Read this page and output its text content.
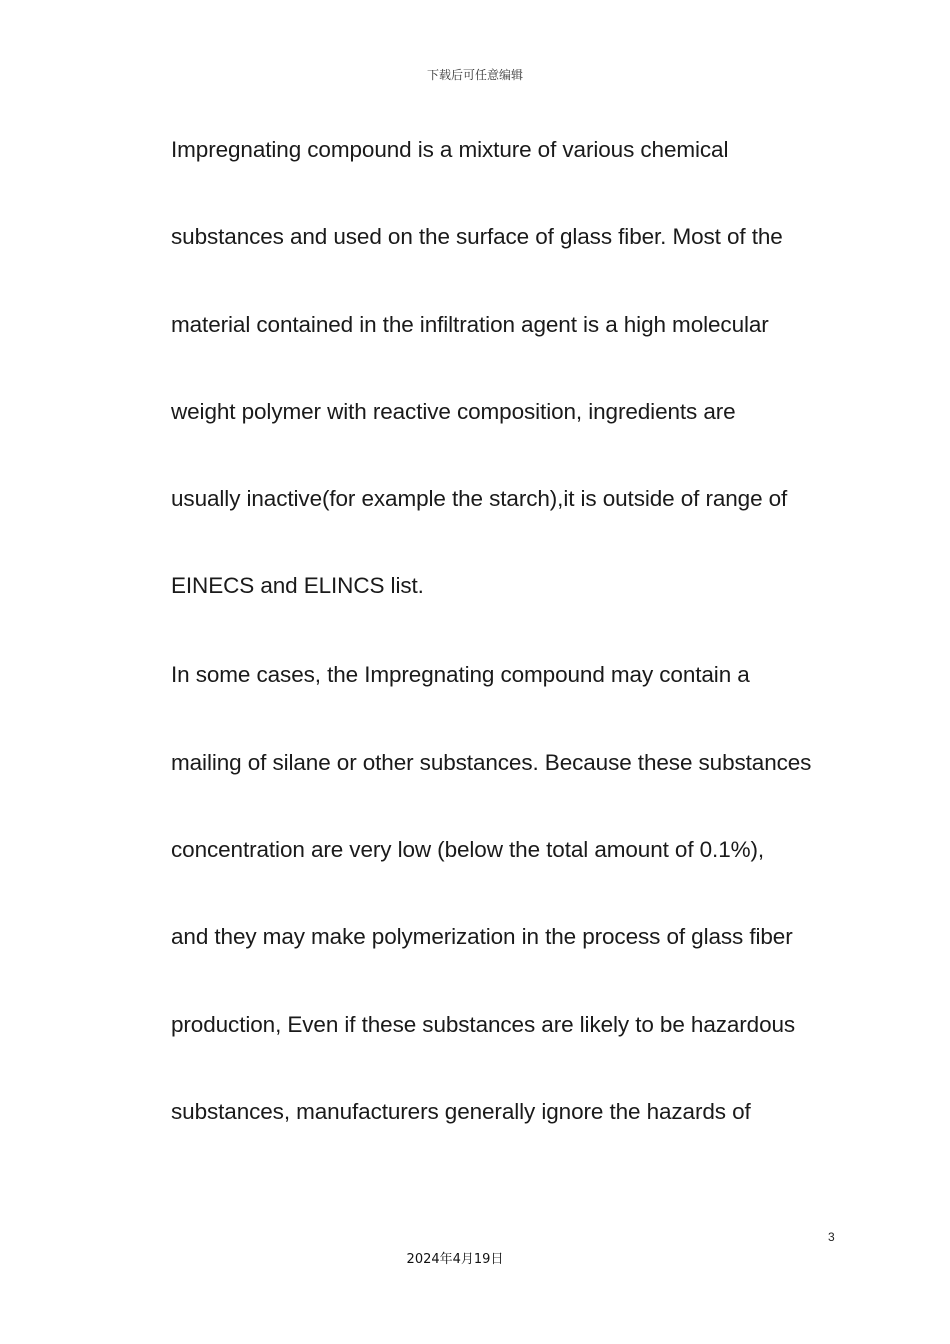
下载后可任意编辑
Impregnating compound is a mixture of various chemical
substances and used on the surface of glass fiber. Most of the
material contained in the infiltration agent is a high molecular
weight polymer with reactive composition, ingredients are
usually inactive(for example the starch),it is outside of range of
EINECS and ELINCS list.
In some cases, the Impregnating compound may contain a
mailing of silane or other substances. Because these substances
concentration are very low (below the total amount of 0.1%),
and they may make polymerization in the process of glass fiber
production, Even if these substances are likely to be hazardous
substances, manufacturers generally ignore the hazards of
3
2024年4月19日
